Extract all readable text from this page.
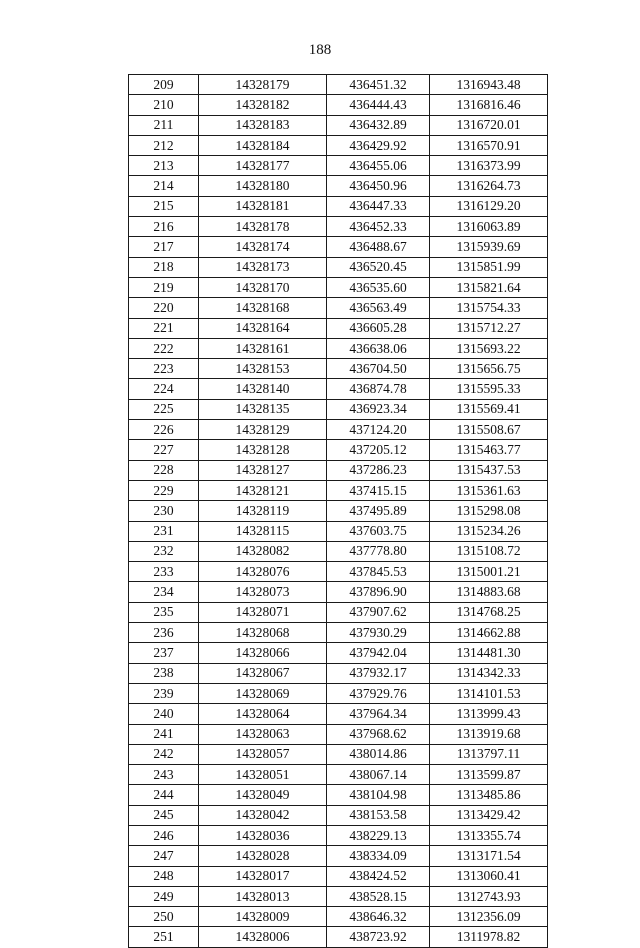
188
209	14328179	436451.32	1316943.48
210	14328182	436444.43	1316816.46
211	14328183	436432.89	1316720.01
212	14328184	436429.92	1316570.91
213	14328177	436455.06	1316373.99
214	14328180	436450.96	1316264.73
215	14328181	436447.33	1316129.20
216	14328178	436452.33	1316063.89
217	14328174	436488.67	1315939.69
218	14328173	436520.45	1315851.99
219	14328170	436535.60	1315821.64
220	14328168	436563.49	1315754.33
221	14328164	436605.28	1315712.27
222	14328161	436638.06	1315693.22
223	14328153	436704.50	1315656.75
224	14328140	436874.78	1315595.33
225	14328135	436923.34	1315569.41
226	14328129	437124.20	1315508.67
227	14328128	437205.12	1315463.77
228	14328127	437286.23	1315437.53
229	14328121	437415.15	1315361.63
230	14328119	437495.89	1315298.08
231	14328115	437603.75	1315234.26
232	14328082	437778.80	1315108.72
233	14328076	437845.53	1315001.21
234	14328073	437896.90	1314883.68
235	14328071	437907.62	1314768.25
236	14328068	437930.29	1314662.88
237	14328066	437942.04	1314481.30
238	14328067	437932.17	1314342.33
239	14328069	437929.76	1314101.53
240	14328064	437964.34	1313999.43
241	14328063	437968.62	1313919.68
242	14328057	438014.86	1313797.11
243	14328051	438067.14	1313599.87
244	14328049	438104.98	1313485.86
245	14328042	438153.58	1313429.42
246	14328036	438229.13	1313355.74
247	14328028	438334.09	1313171.54
248	14328017	438424.52	1313060.41
249	14328013	438528.15	1312743.93
250	14328009	438646.32	1312356.09
251	14328006	438723.92	1311978.82
